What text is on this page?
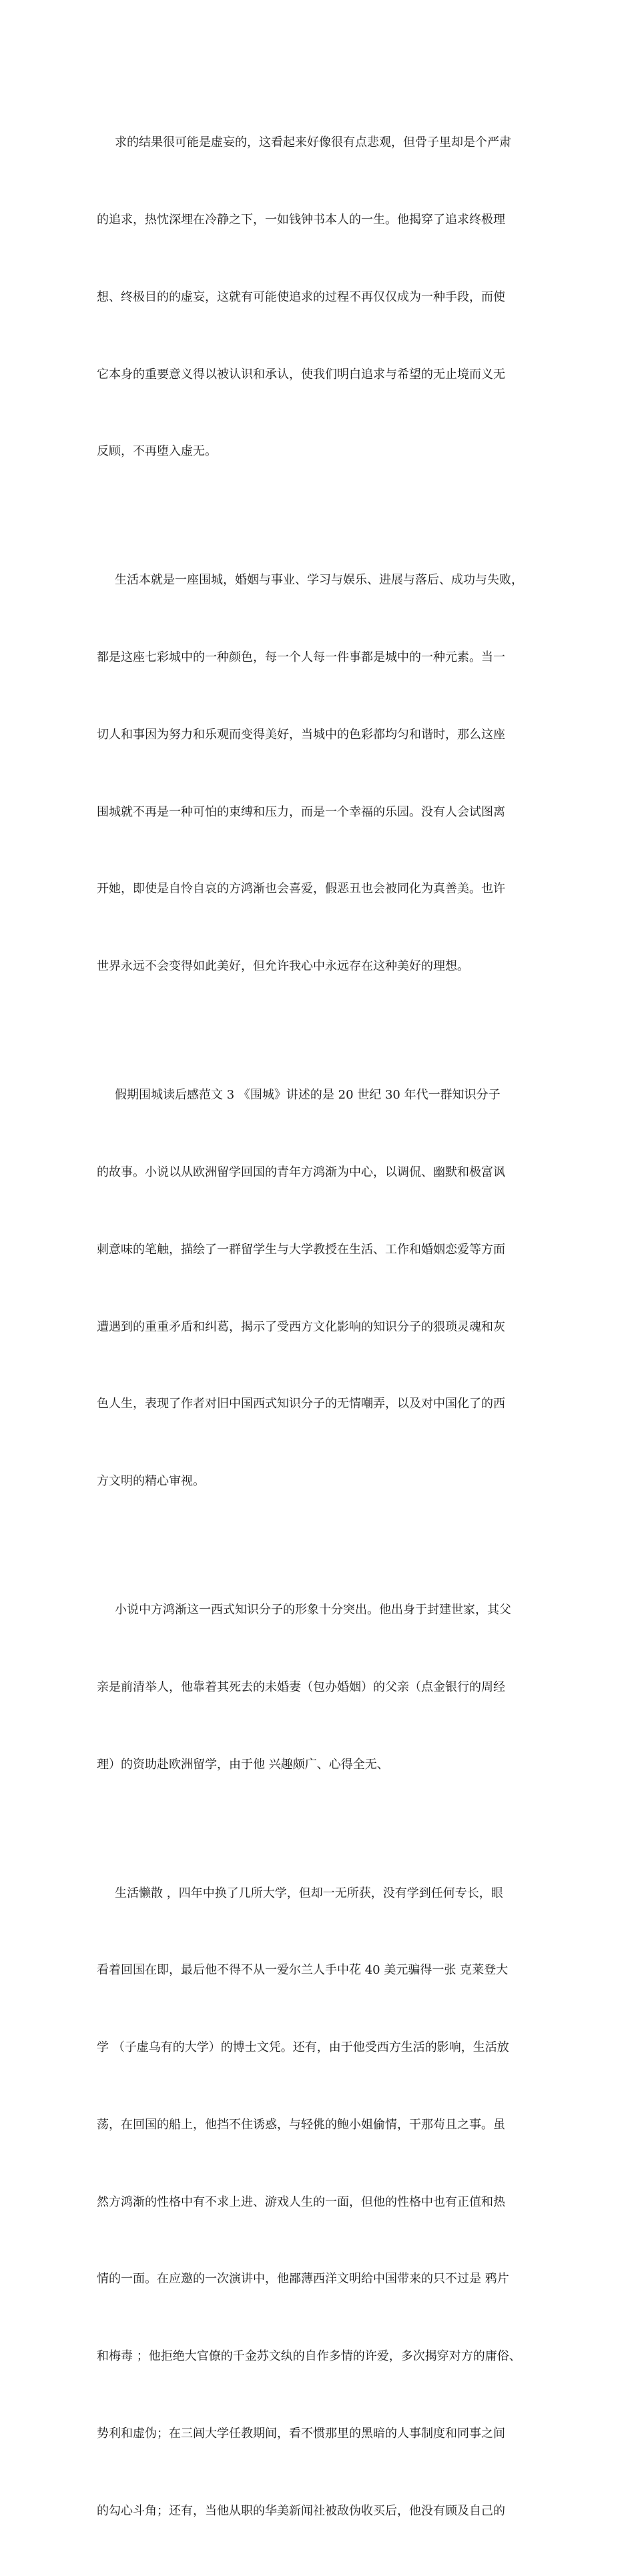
求的结果很可能是虚妄的，这看起来好像很有点悲观，但骨子里却是个严肃

的追求，热忱深埋在冷静之下，一如钱钟书本人的一生。他揭穿了追求终极理

想、终极目的的虚妄，这就有可能使追求的过程不再仅仅成为一种手段，而使

它本身的重要意义得以被认识和承认，使我们明白追求与希望的无止境而义无

反顾，不再堕入虚无。

生活本就是一座围城，婚姻与事业、学习与娱乐、进展与落后、成功与失败，

都是这座七彩城中的一种颜色，每一个人每一件事都是城中的一种元素。当一

切人和事因为努力和乐观而变得美好，当城中的色彩都均匀和谐时，那么这座

围城就不再是一种可怕的束缚和压力，而是一个幸福的乐园。没有人会试图离

开她，即使是自怜自哀的方鸿渐也会喜爱，假恶丑也会被同化为真善美。也许

世界永远不会变得如此美好，但允许我心中永远存在这种美好的理想。

假期围城读后感范文 3 《围城》讲述的是 20 世纪 30 年代一群知识分子

的故事。小说以从欧洲留学回国的青年方鸿渐为中心，以调侃、幽默和极富讽

刺意味的笔触，描绘了一群留学生与大学教授在生活、工作和婚姻恋爱等方面

遭遇到的重重矛盾和纠葛，揭示了受西方文化影响的知识分子的猥琐灵魂和灰

色人生，表现了作者对旧中国西式知识分子的无情嘲弄，以及对中国化了的西

方文明的精心审视。

小说中方鸿渐这一西式知识分子的形象十分突出。他出身于封建世家，其父

亲是前清举人，他靠着其死去的未婚妻（包办婚姻）的父亲（点金银行的周经

理）的资助赴欧洲留学，由于他 兴趣颇广、心得全无、

生活懒散 ，四年中换了几所大学，但却一无所获，没有学到任何专长，眼

看着回国在即，最后他不得不从一爱尔兰人手中花 40 美元骗得一张 克莱登大

学 （子虚乌有的大学）的博士文凭。还有，由于他受西方生活的影响，生活放

荡，在回国的船上，他挡不住诱惑，与轻佻的鲍小姐偷情，干那苟且之事。虽

然方鸿渐的性格中有不求上进、游戏人生的一面，但他的性格中也有正值和热

情的一面。在应邀的一次演讲中，他鄙薄西洋文明给中国带来的只不过是 鸦片

和梅毒 ；他拒绝大官僚的千金苏文纨的自作多情的许爱，多次揭穿对方的庸俗、

势利和虚伪；在三闾大学任教期间，看不惯那里的黑暗的人事制度和同事之间

的勾心斗角；还有，当他从职的华美新闻社被敌伪收买后，他没有顾及自己的
